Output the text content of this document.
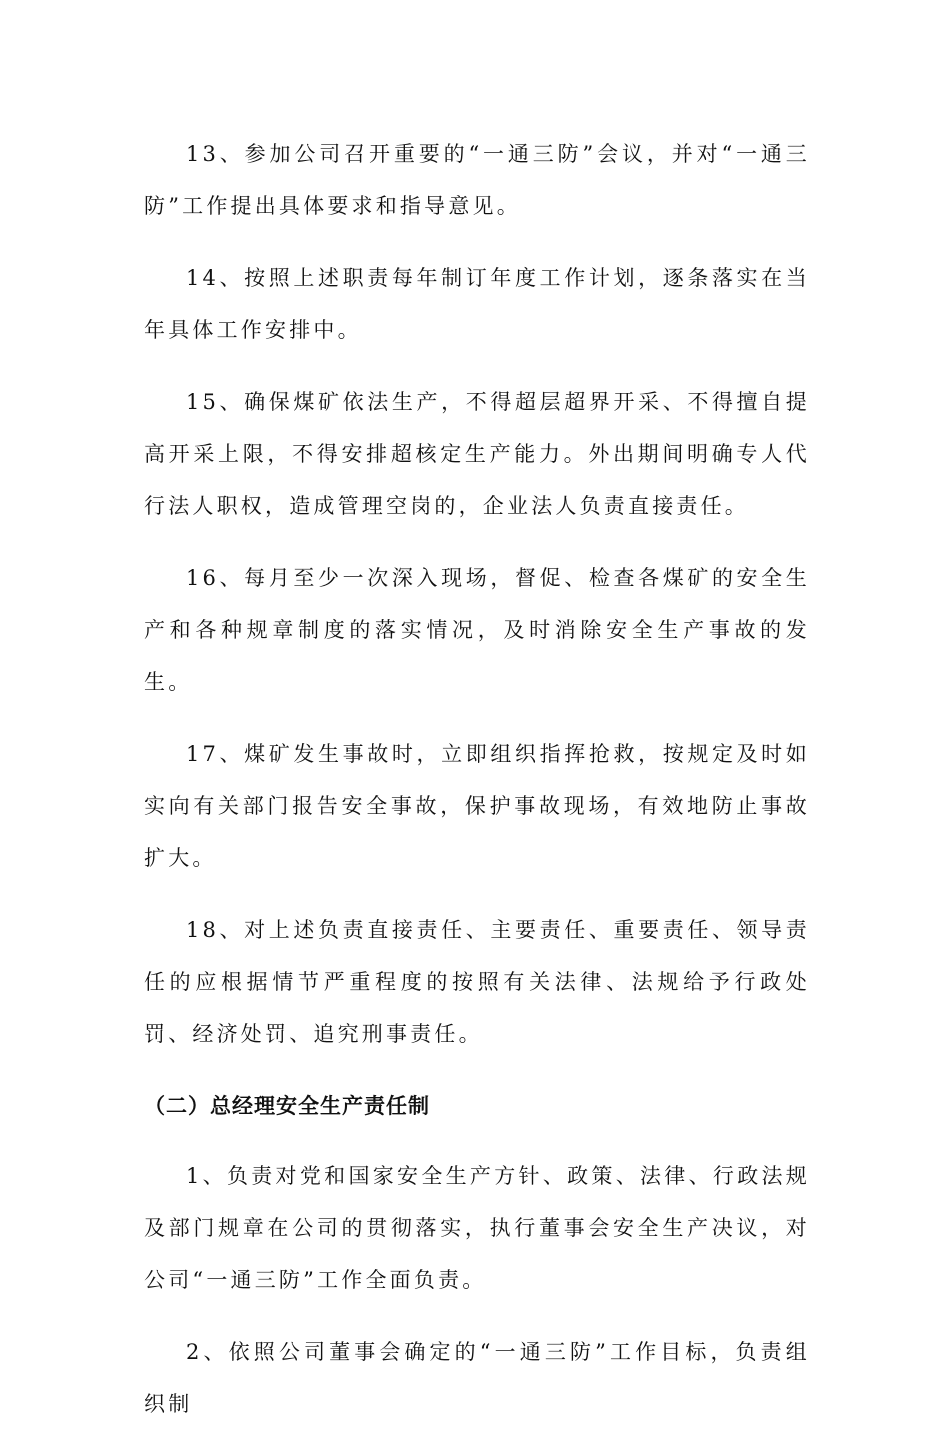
13、参加公司召开重要的“一通三防”会议，并对“一通三防”工作提出具体要求和指导意见。

14、按照上述职责每年制订年度工作计划，逐条落实在当年具体工作安排中。

15、确保煤矿依法生产，不得超层超界开采、不得擅自提高开采上限，不得安排超核定生产能力。外出期间明确专人代行法人职权，造成管理空岗的，企业法人负责直接责任。

16、每月至少一次深入现场，督促、检查各煤矿的安全生产和各种规章制度的落实情况，及时消除安全生产事故的发生。

17、煤矿发生事故时，立即组织指挥抢救，按规定及时如实向有关部门报告安全事故，保护事故现场，有效地防止事故扩大。

18、对上述负责直接责任、主要责任、重要责任、领导责任的应根据情节严重程度的按照有关法律、法规给予行政处罚、经济处罚、追究刑事责任。

（二）总经理安全生产责任制

1、负责对党和国家安全生产方针、政策、法律、行政法规及部门规章在公司的贯彻落实，执行董事会安全生产决议，对公司“一通三防”工作全面负责。

2、依照公司董事会确定的“一通三防”工作目标，负责组织制
